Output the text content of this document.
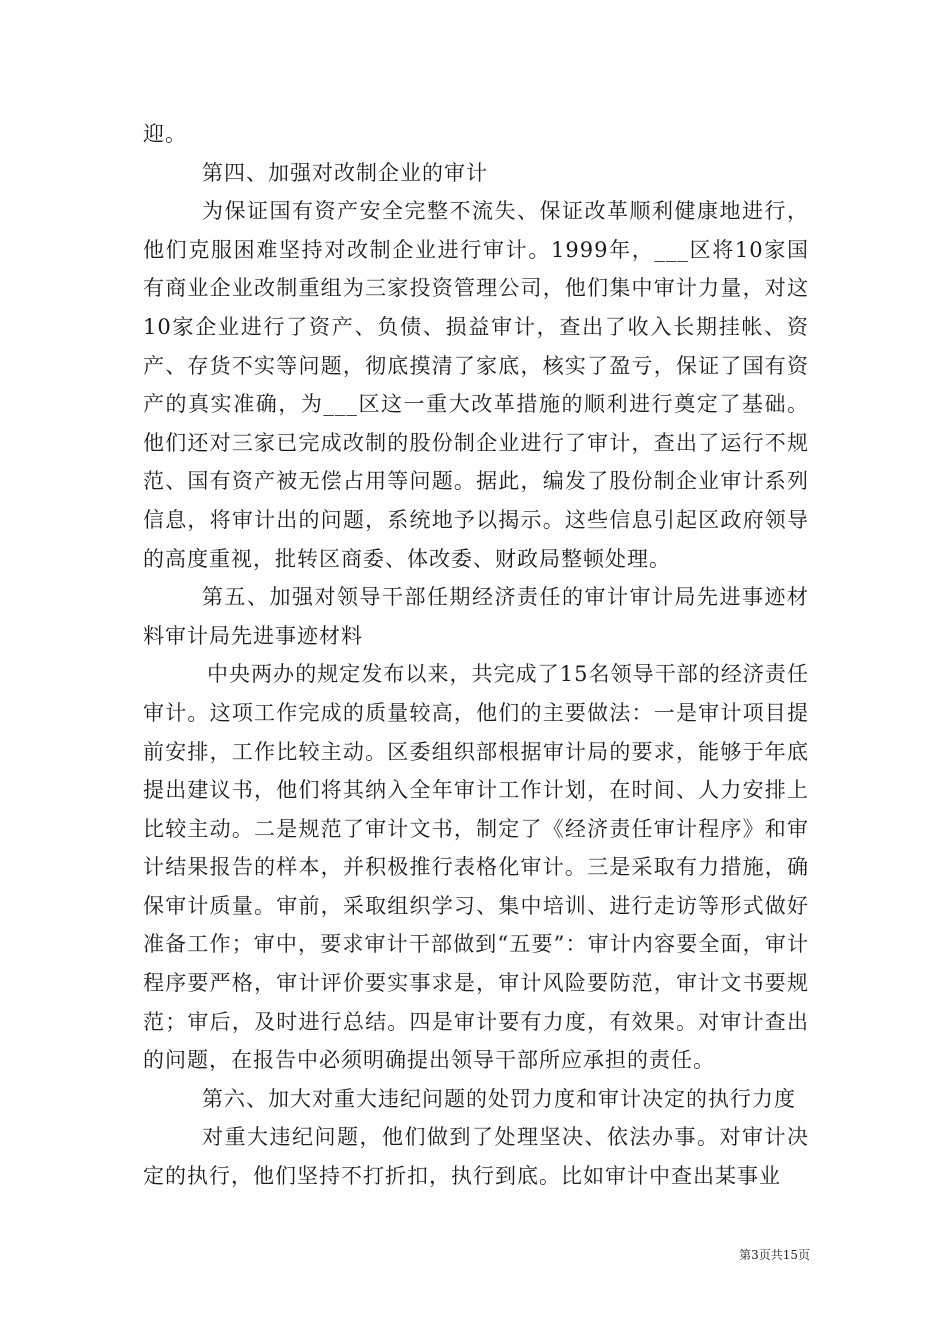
迎。

第四、加强对改制企业的审计

为保证国有资产安全完整不流失、保证改革顺利健康地进行，他们克服困难坚持对改制企业进行审计。1999年，___区将10家国有商业企业改制重组为三家投资管理公司，他们集中审计力量，对这10家企业进行了资产、负债、损益审计，查出了收入长期挂帐、资产、存货不实等问题，彻底摸清了家底，核实了盈亏，保证了国有资产的真实准确，为___区这一重大改革措施的顺利进行奠定了基础。他们还对三家已完成改制的股份制企业进行了审计，查出了运行不规范、国有资产被无偿占用等问题。据此，编发了股份制企业审计系列信息，将审计出的问题，系统地予以揭示。这些信息引起区政府领导的高度重视，批转区商委、体改委、财政局整顿处理。

第五、加强对领导干部任期经济责任的审计审计局先进事迹材料审计局先进事迹材料

中央两办的规定发布以来，共完成了15名领导干部的经济责任审计。这项工作完成的质量较高，他们的主要做法：一是审计项目提前安排，工作比较主动。区委组织部根据审计局的要求，能够于年底提出建议书，他们将其纳入全年审计工作计划，在时间、人力安排上比较主动。二是规范了审计文书，制定了《经济责任审计程序》和审计结果报告的样本，并积极推行表格化审计。三是采取有力措施，确保审计质量。审前，采取组织学习、集中培训、进行走访等形式做好准备工作；审中，要求审计干部做到“五要”：审计内容要全面，审计程序要严格，审计评价要实事求是，审计风险要防范，审计文书要规范；审后，及时进行总结。四是审计要有力度，有效果。对审计查出的问题，在报告中必须明确提出领导干部所应承担的责任。

第六、加大对重大违纪问题的处罚力度和审计决定的执行力度

对重大违纪问题，他们做到了处理坚决、依法办事。对审计决定的执行，他们坚持不打折扣，执行到底。比如审计中查出某事业

第3页共15页
